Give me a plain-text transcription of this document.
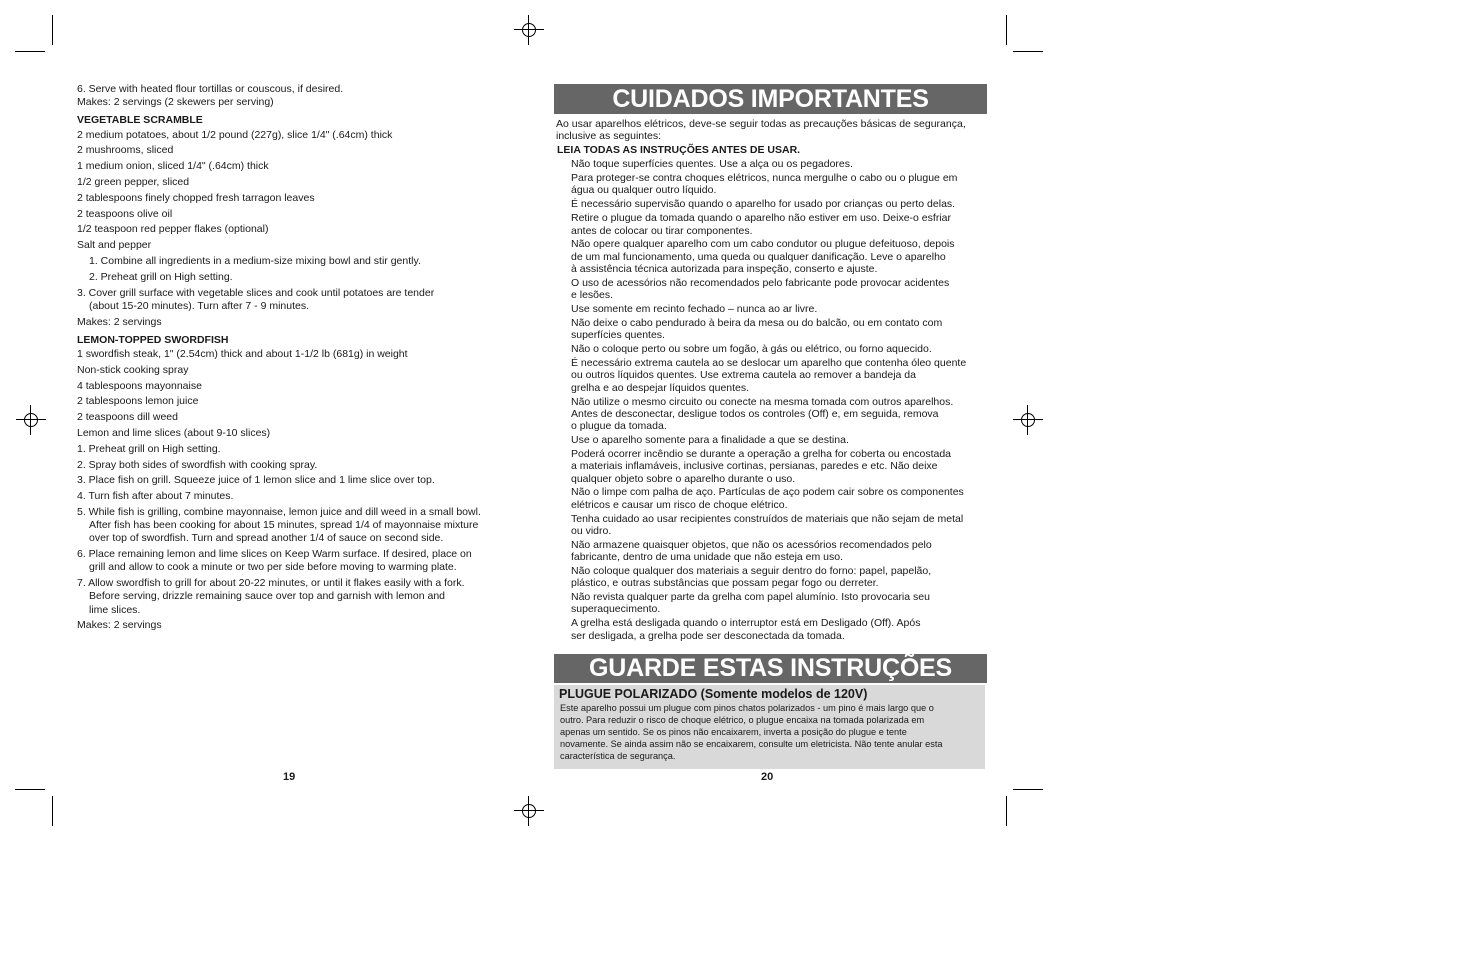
6. Serve with heated flour tortillas or couscous, if desired.
Makes: 2 servings (2 skewers per serving)
VEGETABLE SCRAMBLE
2 medium potatoes, about 1/2 pound (227g), slice 1/4" (.64cm) thick
2 mushrooms, sliced
1 medium onion, sliced 1/4" (.64cm) thick
1/2 green pepper, sliced
2 tablespoons finely chopped fresh tarragon leaves
2 teaspoons olive oil
1/2 teaspoon red pepper flakes (optional)
Salt and pepper
1. Combine all ingredients in a medium-size mixing bowl and stir gently.
2. Preheat grill on High setting.
3. Cover grill surface with vegetable slices and cook until potatoes are tender
(about 15-20 minutes). Turn after 7 - 9 minutes.
Makes: 2 servings
LEMON-TOPPED SWORDFISH
1 swordfish steak, 1" (2.54cm) thick and about 1-1/2 lb (681g) in weight
Non-stick cooking spray
4 tablespoons mayonnaise
2 tablespoons lemon juice
2 teaspoons dill weed
Lemon and lime slices (about 9-10 slices)
1. Preheat grill on High setting.
2. Spray both sides of swordfish with cooking spray.
3. Place fish on grill. Squeeze juice of 1 lemon slice and 1 lime slice over top.
4. Turn fish after about 7 minutes.
5. While fish is grilling, combine mayonnaise, lemon juice and dill weed in a small bowl.
After fish has been cooking for about 15 minutes, spread 1/4 of mayonnaise mixture
over top of swordfish. Turn and spread another 1/4 of sauce on second side.
6. Place remaining lemon and lime slices on Keep Warm surface. If desired, place on
grill and allow to cook a minute or two per side before moving to warming plate.
7. Allow swordfish to grill for about 20-22 minutes, or until it flakes easily with a fork.
Before serving, drizzle remaining sauce over top and garnish with lemon and
lime slices.
Makes: 2 servings
19
CUIDADOS IMPORTANTES
Ao usar aparelhos elétricos, deve-se seguir todas as precauções básicas de segurança,
inclusive as seguintes:
LEIA TODAS AS INSTRUÇÕES ANTES DE USAR.
Não toque superfícies quentes. Use a alça ou os pegadores.
Para proteger-se contra choques elétricos, nunca mergulhe o cabo ou o plugue em
água ou qualquer outro líquido.
É necessário supervisão quando o aparelho for usado por crianças ou perto delas.
Retire o plugue da tomada quando o aparelho não estiver em uso. Deixe-o esfriar
antes de colocar ou tirar componentes.
Não opere qualquer aparelho com um cabo condutor ou plugue defeituoso, depois
de um mal funcionamento, uma queda ou qualquer danificação. Leve o aparelho
à assistência técnica autorizada para inspeção, conserto e ajuste.
O uso de acessórios não recomendados pelo fabricante pode provocar acidentes
e lesões.
Use somente em recinto fechado – nunca ao ar livre.
Não deixe o cabo pendurado à beira da mesa ou do balcão, ou em contato com
superfícies quentes.
Não o coloque perto ou sobre um fogão, à gás ou elétrico, ou forno aquecido.
É necessário extrema cautela ao se deslocar um aparelho que contenha óleo quente
ou outros líquidos quentes. Use extrema cautela ao remover a bandeja da
grelha e ao despejar líquidos quentes.
Não utilize o mesmo circuito ou conecte na mesma tomada com outros aparelhos.
Antes de desconectar, desligue todos os controles (Off) e, em seguida, remova
o plugue da tomada.
Use o aparelho somente para a finalidade a que se destina.
Poderá ocorrer incêndio se durante a operação a grelha for coberta ou encostada
a materiais inflamáveis, inclusive cortinas, persianas, paredes e etc. Não deixe
qualquer objeto sobre o aparelho durante o uso.
Não o limpe com palha de aço. Partículas de aço podem cair sobre os componentes
elétricos e causar um risco de choque elétrico.
Tenha cuidado ao usar recipientes construídos de materiais que não sejam de metal
ou vidro.
Não armazene quaisquer objetos, que não os acessórios recomendados pelo
fabricante, dentro de uma unidade que não esteja em uso.
Não coloque qualquer dos materiais a seguir dentro do forno: papel, papelão,
plástico, e outras substâncias que possam pegar fogo ou derreter.
Não revista qualquer parte da grelha com papel alumínio. Isto provocaria seu
superaquecimento.
A grelha está desligada quando o interruptor está em Desligado (Off). Após
ser desligada, a grelha pode ser desconectada da tomada.
GUARDE ESTAS INSTRUÇÕES
PLUGUE POLARIZADO (Somente modelos de 120V)
Este aparelho possui um plugue com pinos chatos polarizados - um pino é mais largo que o
outro. Para reduzir o risco de choque elétrico, o plugue encaixa na tomada polarizada em
apenas um sentido. Se os pinos não encaixarem, inverta a posição do plugue e tente
novamente. Se ainda assim não se encaixarem, consulte um eletricista. Não tente anular esta
característica de segurança.
20
